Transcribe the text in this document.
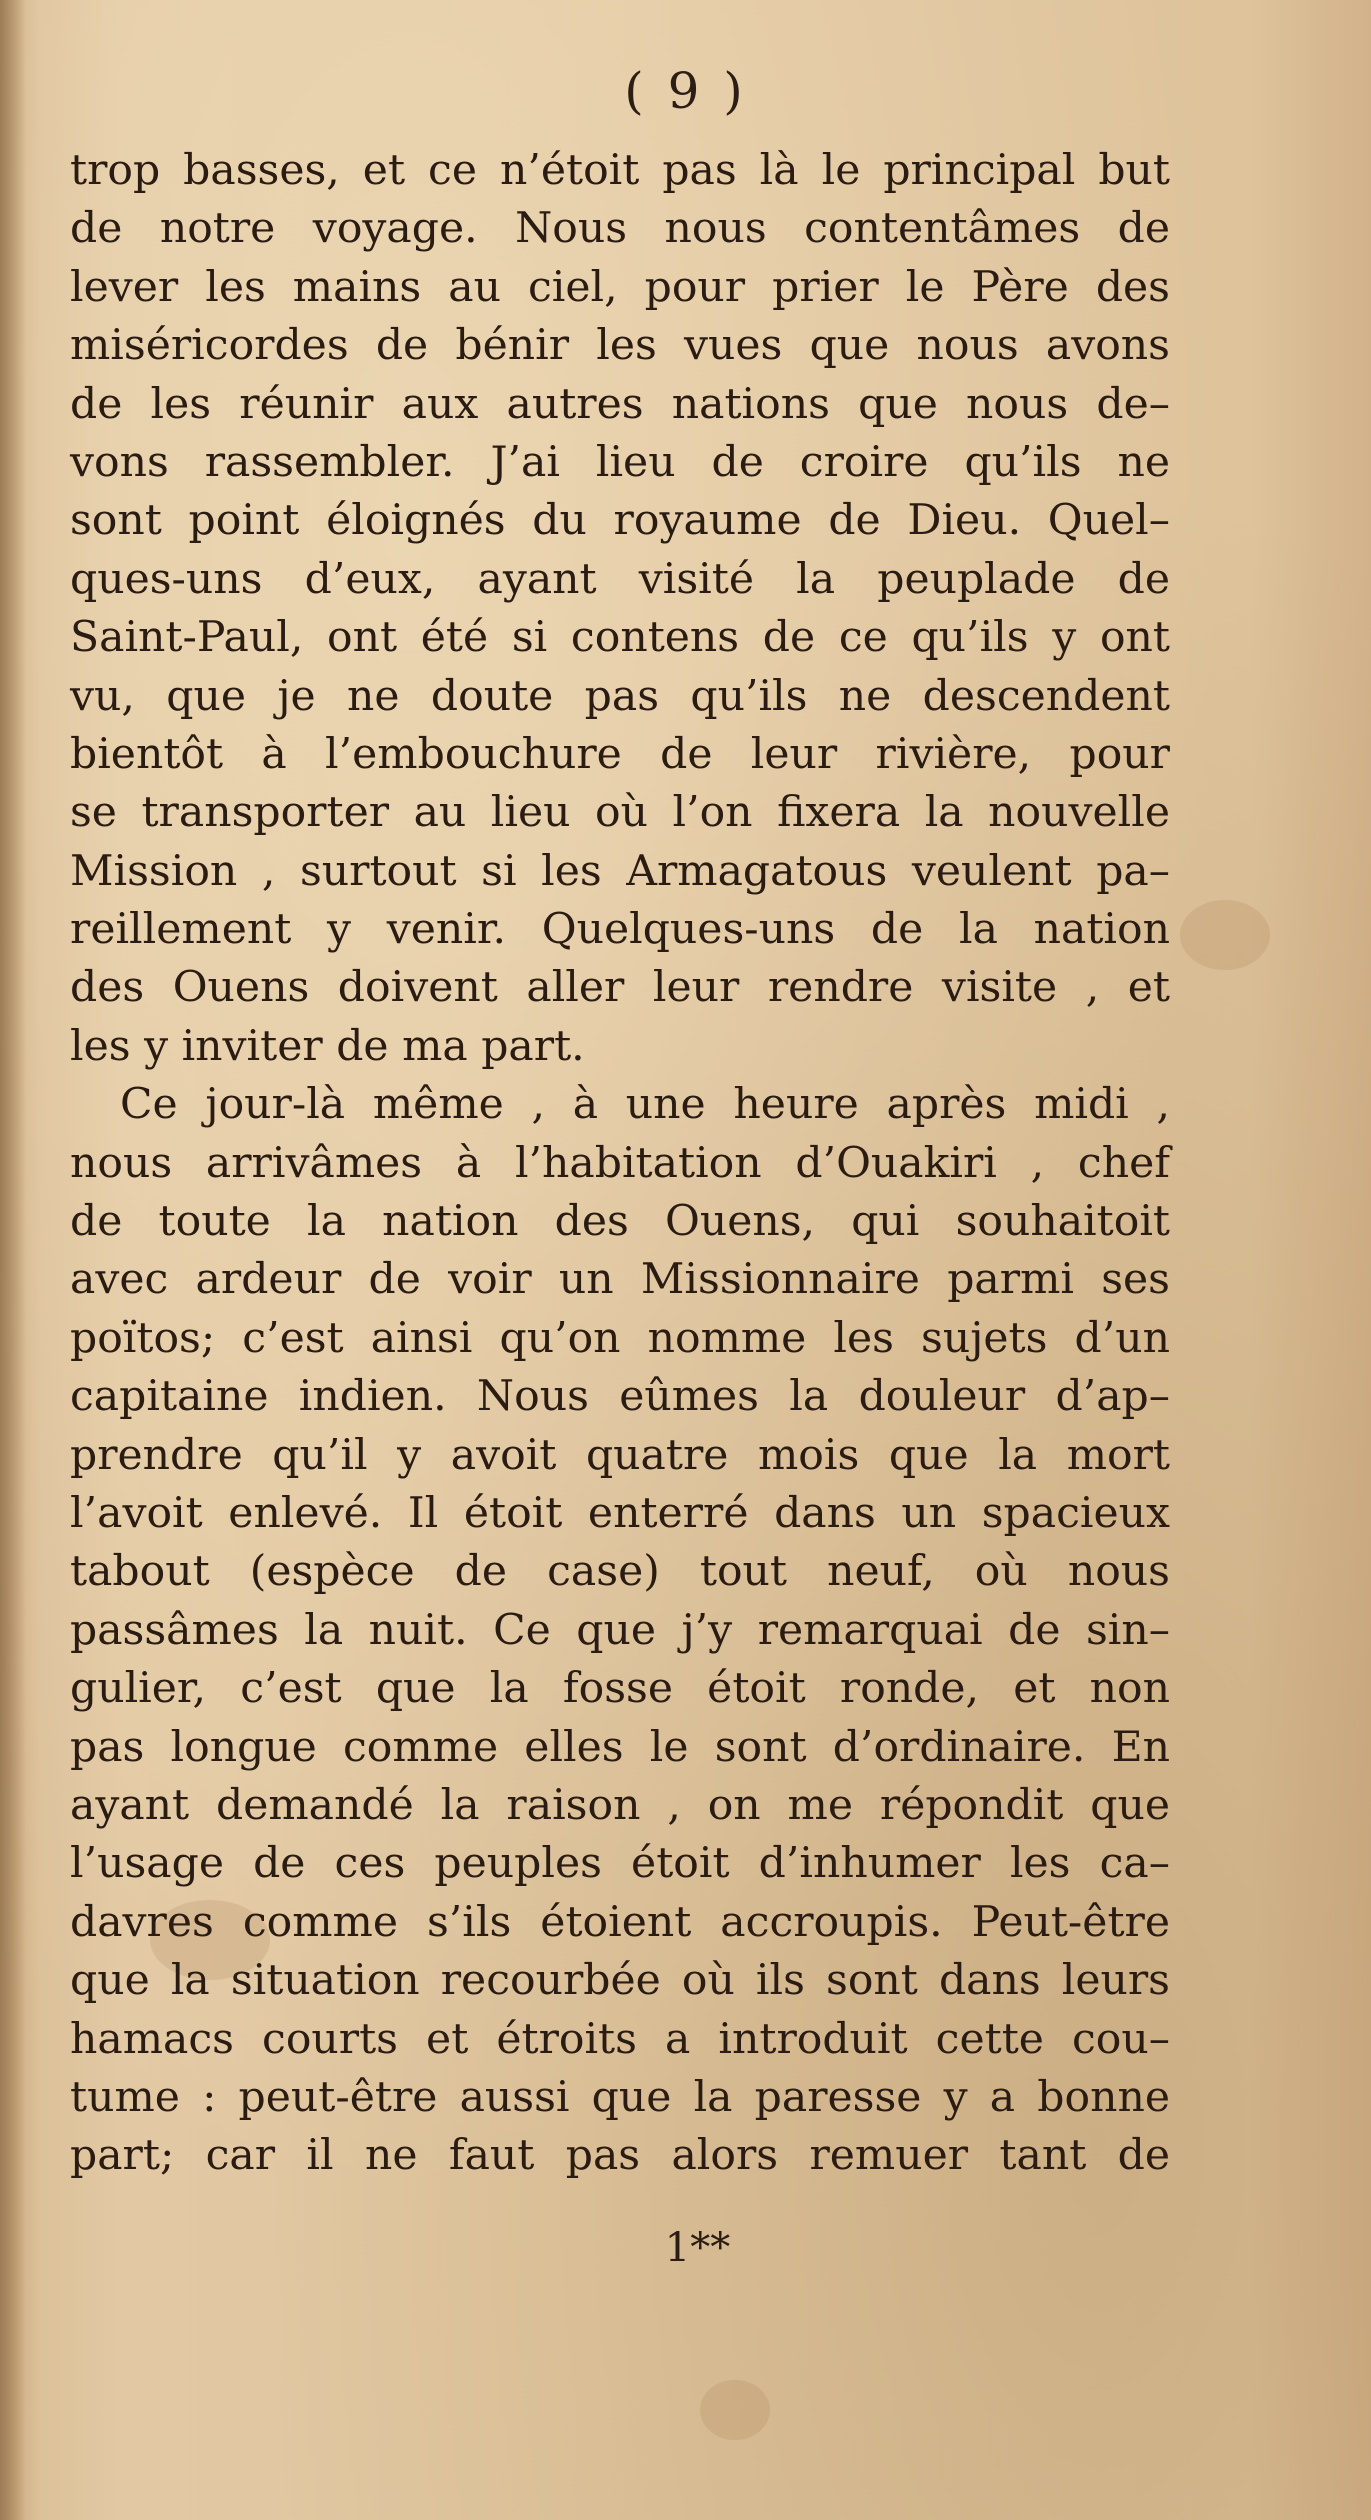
( 9 )
trop basses, et ce n’étoit pas là le principal but
de notre voyage. Nous nous contentâmes de
lever les mains au ciel, pour prier le Père des
miséricordes de bénir les vues que nous avons
de les réunir aux autres nations que nous de–
vons rassembler. J’ai lieu de croire qu’ils ne
sont point éloignés du royaume de Dieu. Quel–
ques-uns d’eux, ayant visité la peuplade de
Saint-Paul, ont été si contens de ce qu’ils y ont
vu, que je ne doute pas qu’ils ne descendent
bientôt à l’embouchure de leur rivière, pour
se transporter au lieu où l’on fixera la nouvelle
Mission , surtout si les Armagatous veulent pa–
reillement y venir. Quelques-uns de la nation
des Ouens doivent aller leur rendre visite , et
les y inviter de ma part.
Ce jour-là même , à une heure après midi ,
nous arrivâmes à l’habitation d’Ouakiri , chef
de toute la nation des Ouens, qui souhaitoit
avec ardeur de voir un Missionnaire parmi ses
poïtos; c’est ainsi qu’on nomme les sujets d’un
capitaine indien. Nous eûmes la douleur d’ap–
prendre qu’il y avoit quatre mois que la mort
l’avoit enlevé. Il étoit enterré dans un spacieux
tabout (espèce de case) tout neuf, où nous
passâmes la nuit. Ce que j’y remarquai de sin–
gulier, c’est que la fosse étoit ronde, et non
pas longue comme elles le sont d’ordinaire. En
ayant demandé la raison , on me répondit que
l’usage de ces peuples étoit d’inhumer les ca–
davres comme s’ils étoient accroupis. Peut-être
que la situation recourbée où ils sont dans leurs
hamacs courts et étroits a introduit cette cou–
tume : peut-être aussi que la paresse y a bonne
part; car il ne faut pas alors remuer tant de
1**
